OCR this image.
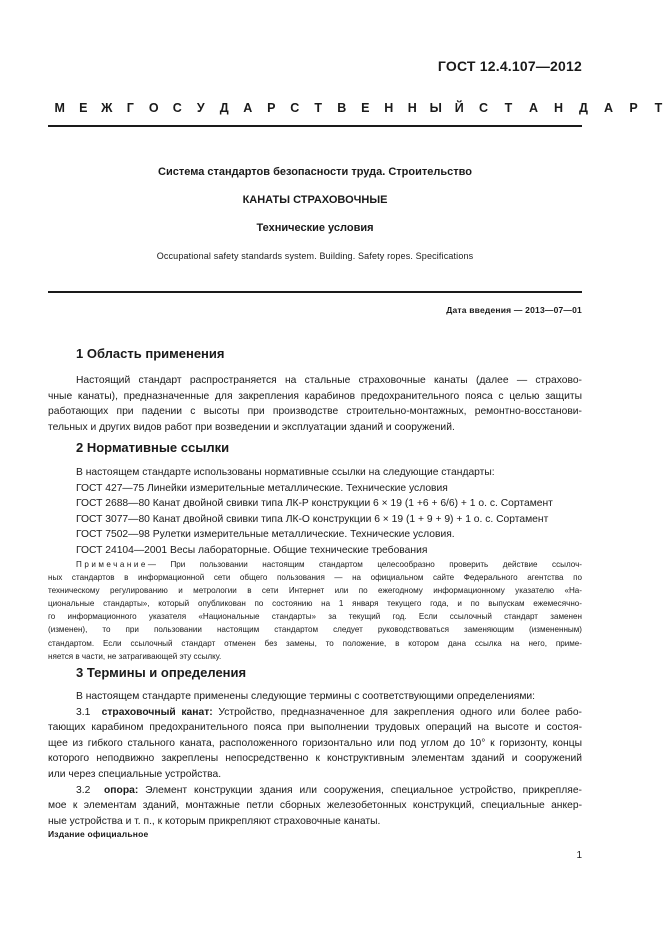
ГОСТ 12.4.107—2012
М	Е	Ж	Г	О	С	У	Д	А	Р	С	Т	В	Е	Н	Н	Ы	Й	С	Т	А	Н	Д	А	Р	Т
Система стандартов безопасности труда. Строительство
КАНАТЫ СТРАХОВОЧНЫЕ
Технические условия
Occupational safety standards system. Building. Safety ropes. Specifications
Дата введения — 2013—07—01
1 Область применения
Настоящий стандарт распространяется на стальные страховочные канаты (далее — страхово-
чные канаты), предназначенные для закрепления карабинов предохранительного пояса с целью защиты
работающих при падении с высоты при производстве строительно-монтажных, ремонтно-восстанови-
тельных и других видов работ при возведении и эксплуатации зданий и сооружений.
2 Нормативные ссылки
В настоящем стандарте использованы нормативные ссылки на следующие стандарты:
ГОСТ 427—75 Линейки измерительные металлические. Технические условия
ГОСТ 2688—80 Канат двойной свивки типа ЛК-Р конструкции 6 × 19 (1 +6 + 6/6) + 1 о. с. Сортамент
ГОСТ 3077—80 Канат двойной свивки типа ЛК-О конструкции 6 × 19 (1 + 9 + 9) + 1 о. с. Сортамент
ГОСТ 7502—98 Рулетки измерительные металлические. Технические условия.
ГОСТ 24104—2001 Весы лабораторные. Общие технические требования
Примечание— При пользовании настоящим стандартом целесообразно проверить действие ссылоч-
ных стандартов в информационной сети общего пользования — на официальном сайте Федерального агентства по
техническому регулированию и метрологии в сети Интернет или по ежегодному информационному указателю «На-
циональные стандарты», который опубликован по состоянию на 1 января текущего года, и по выпускам ежемесячно-
го информационного указателя «Национальные стандарты» за текущий год. Если ссылочный стандарт заменен
(изменен), то при пользовании настоящим стандартом следует руководствоваться заменяющим (измененным)
стандартом. Если ссылочный стандарт отменен без замены, то положение, в котором дана ссылка на него, приме-
няется в части, не затрагивающей эту ссылку.
3 Термины и определения
В настоящем стандарте применены следующие термины с соответствующими определениями:
3.1 страховочный канат: Устройство, предназначенное для закрепления одного или более рабо-
тающих карабином предохранительного пояса при выполнении трудовых операций на высоте и состоя-
щее из гибкого стального каната, расположенного горизонтально или под углом до 10° к горизонту, концы
которого неподвижно закреплены непосредственно к конструктивным элементам зданий и сооружений
или через специальные устройства.
3.2 опора: Элемент конструкции здания или сооружения, специальное устройство, прикрепляе-
мое к элементам зданий, монтажные петли сборных железобетонных конструкций, специальные анкер-
ные устройства и т. п., к которым прикрепляют страховочные канаты.
Издание официальное
1
